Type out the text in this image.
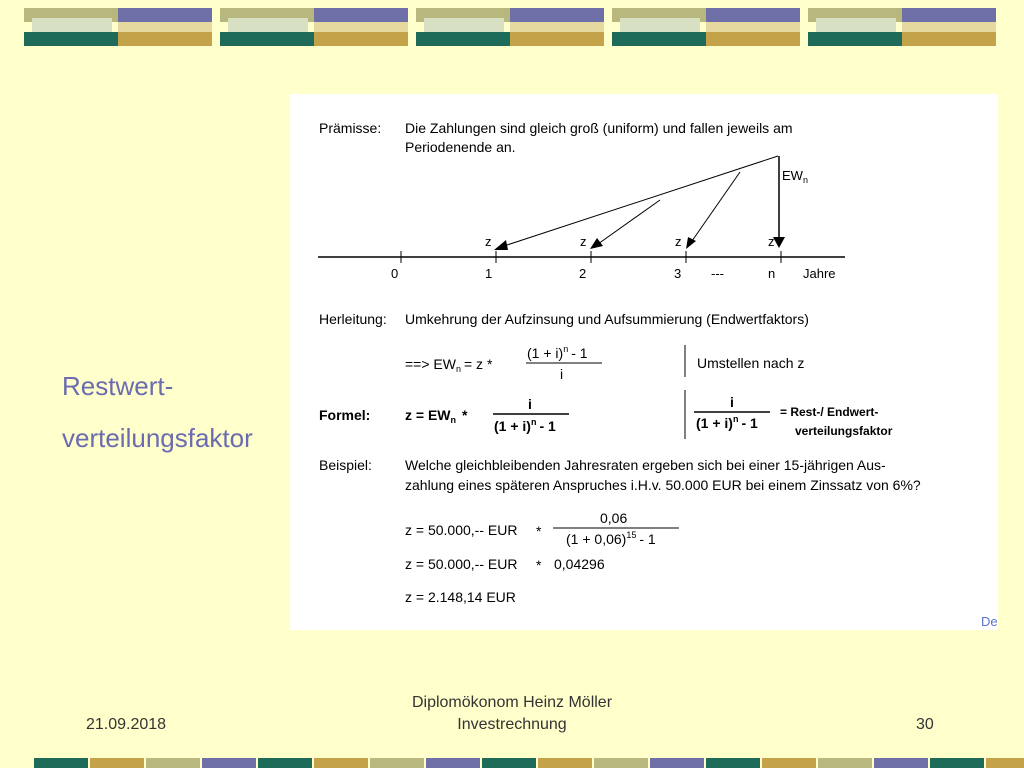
Restwert-
verteilungsfaktor
Prämisse: Die Zahlungen sind gleich groß (uniform) und fallen jeweils am
Periodenende an.
0	1	2	3 ---	n Jahre
z	z	z	z
$EW_n$
Herleitung: Umkehrung der Aufzinsung und Aufsummierung (Endwertfaktors)
==> $EW_n = z$ *
$(1 + i)^n - 1$
i
Umstellen nach z
Formel: $z = EW_n$ *
i
$(1 + i)^n - 1$
i
$(1 + i)^n - 1$
= Rest-/ Endwert-
verteilungsfaktor
Beispiel: Welche gleichbleibenden Jahresraten ergeben sich bei einer 15-jährigen Aus-
zahlung eines späteren Anspruches i.H.v. 50.000 EUR bei einem Zinssatz von 6%?
z = 50.000,-- EUR *
0,06
$(1 + 0,06)^{15} - 1$
z = 50.000,-- EUR * 0,04296
z = 2.148,14 EUR
De
21.09.2018
Diplomökonom Heinz Möller
Investrechnung	30
